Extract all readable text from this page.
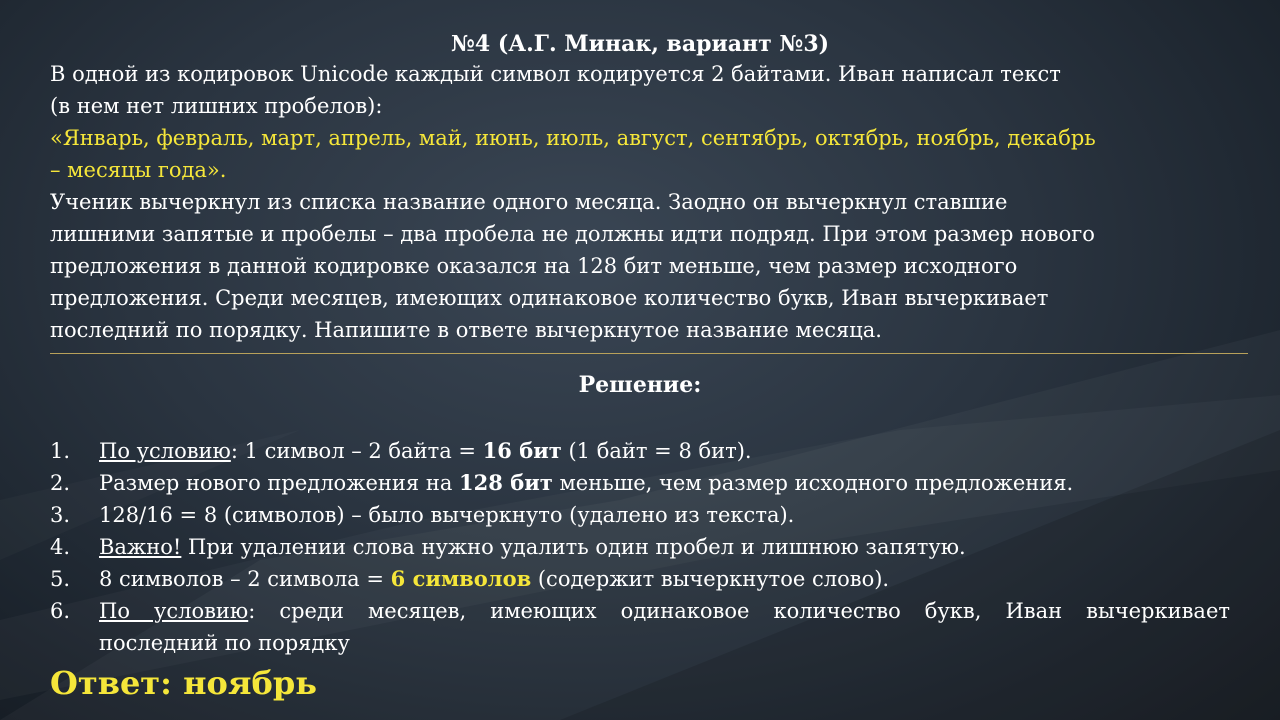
№4 (А.Г. Минак, вариант №3)
В одной из кодировок Unicode каждый символ кодируется 2 байтами. Иван написал текст
(в нем нет лишних пробелов):
«Январь, февраль, март, апрель, май, июнь, июль, август, сентябрь, октябрь, ноябрь, декабрь
– месяцы года».
Ученик вычеркнул из списка название одного месяца. Заодно он вычеркнул ставшие
лишними запятые и пробелы – два пробела не должны идти подряд. При этом размер нового
предложения в данной кодировке оказался на 128 бит меньше, чем размер исходного
предложения. Среди месяцев, имеющих одинаковое количество букв, Иван вычеркивает
последний по порядку. Напишите в ответе вычеркнутое название месяца.
Решение:
1.	По условию: 1 символ – 2 байта = 16 бит (1 байт = 8 бит).
2.	Размер нового предложения на 128 бит меньше, чем размер исходного предложения.
3.	128/16 = 8 (символов) – было вычеркнуто (удалено из текста).
4.	Важно! При удалении слова нужно удалить один пробел и лишнюю запятую.
5.	8 символов – 2 символа = 6 символов (содержит вычеркнутое слово).
6.	По условию: среди месяцев, имеющих одинаковое количество букв, Иван вычеркивает
последний по порядку
Ответ: ноябрь
